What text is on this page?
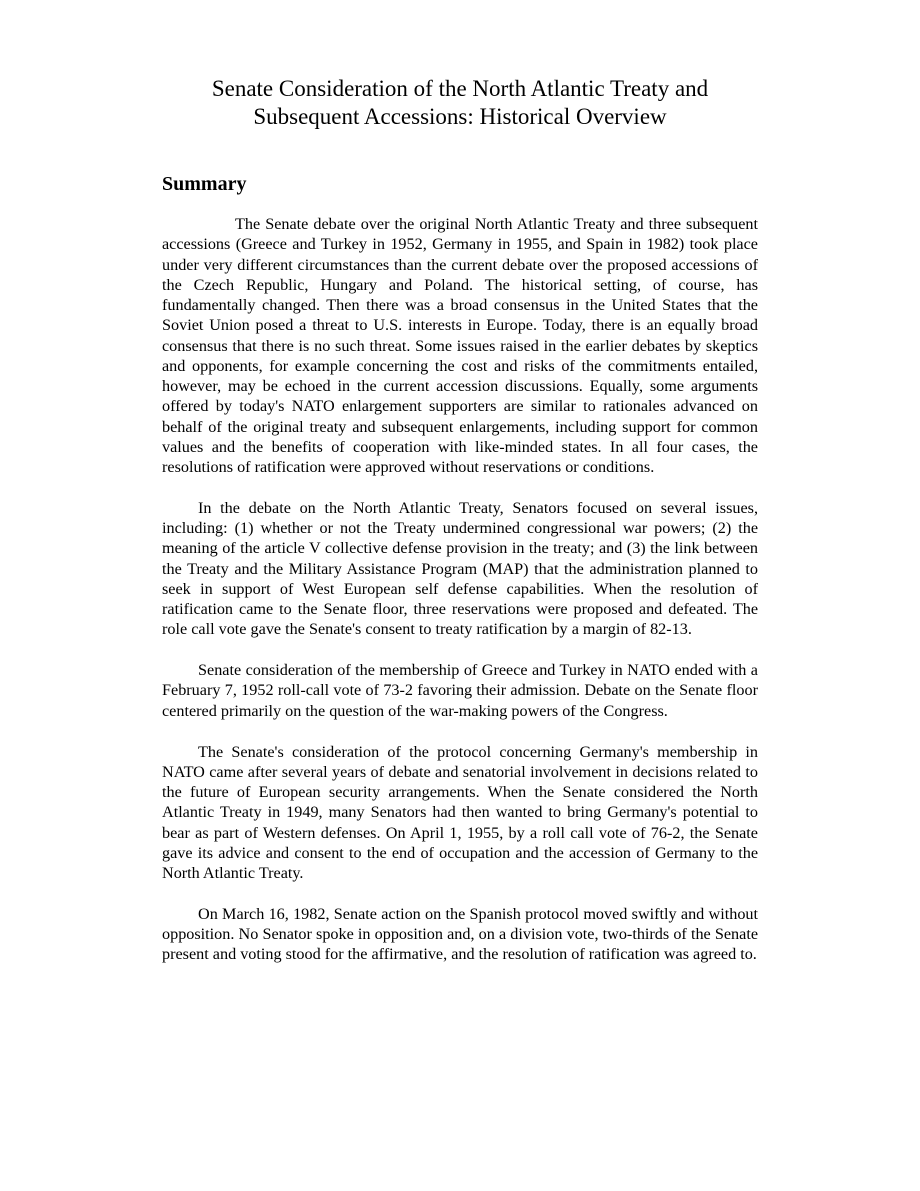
Senate Consideration of the North Atlantic Treaty and
Subsequent Accessions: Historical Overview
Summary

The Senate debate over the original North Atlantic Treaty and three subsequent accessions (Greece and Turkey in 1952, Germany in 1955, and Spain in 1982) took place under very different circumstances than the current debate over the proposed accessions of the Czech Republic, Hungary and Poland. The historical setting, of course, has fundamentally changed. Then there was a broad consensus in the United States that the Soviet Union posed a threat to U.S. interests in Europe. Today, there is an equally broad consensus that there is no such threat. Some issues raised in the earlier debates by skeptics and opponents, for example concerning the cost and risks of the commitments entailed, however, may be echoed in the current accession discussions. Equally, some arguments offered by today's NATO enlargement supporters are similar to rationales advanced on behalf of the original treaty and subsequent enlargements, including support for common values and the benefits of cooperation with like-minded states. In all four cases, the resolutions of ratification were approved without reservations or conditions.

In the debate on the North Atlantic Treaty, Senators focused on several issues, including: (1) whether or not the Treaty undermined congressional war powers; (2) the meaning of the article V collective defense provision in the treaty; and (3) the link between the Treaty and the Military Assistance Program (MAP) that the administration planned to seek in support of West European self defense capabilities. When the resolution of ratification came to the Senate floor, three reservations were proposed and defeated. The role call vote gave the Senate's consent to treaty ratification by a margin of 82-13.

Senate consideration of the membership of Greece and Turkey in NATO ended with a February 7, 1952 roll-call vote of 73-2 favoring their admission. Debate on the Senate floor centered primarily on the question of the war-making powers of the Congress.

The Senate's consideration of the protocol concerning Germany's membership in NATO came after several years of debate and senatorial involvement in decisions related to the future of European security arrangements. When the Senate considered the North Atlantic Treaty in 1949, many Senators had then wanted to bring Germany's potential to bear as part of Western defenses. On April 1, 1955, by a roll call vote of 76-2, the Senate gave its advice and consent to the end of occupation and the accession of Germany to the North Atlantic Treaty.

On March 16, 1982, Senate action on the Spanish protocol moved swiftly and without opposition. No Senator spoke in opposition and, on a division vote, two-thirds of the Senate present and voting stood for the affirmative, and the resolution of ratification was agreed to.
